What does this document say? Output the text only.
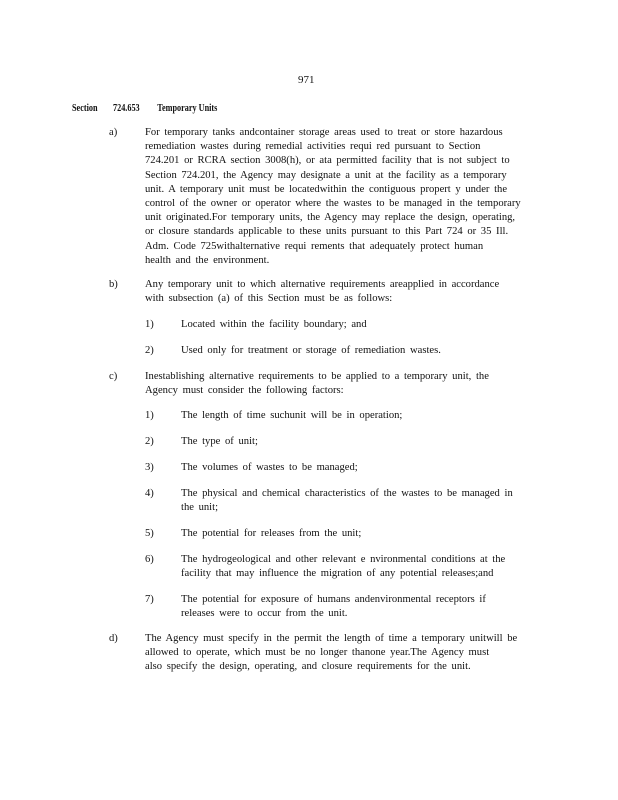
971
Section 724.653 Temporary Units
a)	For temporary tanks andcontainer storage areas used to treat or store hazardous
remediation wastes during remedial activities requi red pursuant to Section
724.201 or RCRA section 3008(h), or ata permitted facility that is not subject to
Section 724.201, the Agency may designate a unit at the facility as a temporary
unit. A temporary unit must be locatedwithin the contiguous propert y under the
control of the owner or operator where the wastes to be managed in the temporary
unit originated.For temporary units, the Agency may replace the design, operating,
or closure standards applicable to these units pursuant to this Part 724 or 35 Ill.
Adm. Code 725withalternative requi rements that adequately protect human
health and the environment.
b)	Any temporary unit to which alternative requirements areapplied in accordance
with subsection (a) of this Section must be as follows:
1)	Located within the facility boundary; and
2)	Used only for treatment or storage of remediation wastes.
c)	Inestablishing alternative requirements to be applied to a temporary unit, the
Agency must consider the following factors:
1)	The length of time suchunit will be in operation;
2)	The type of unit;
3)	The volumes of wastes to be managed;
4)	The physical and chemical characteristics of the wastes to be managed in
the unit;
5)	The potential for releases from the unit;
6)	The hydrogeological and other relevant e nvironmental conditions at the
facility that may influence the migration of any potential releases;and
7)	The potential for exposure of humans andenvironmental receptors if
releases were to occur from the unit.
d)	The Agency must specify in the permit the length of time a temporary unitwill be
allowed to operate, which must be no longer thanone year.The Agency must
also specify the design, operating, and closure requirements for the unit.
